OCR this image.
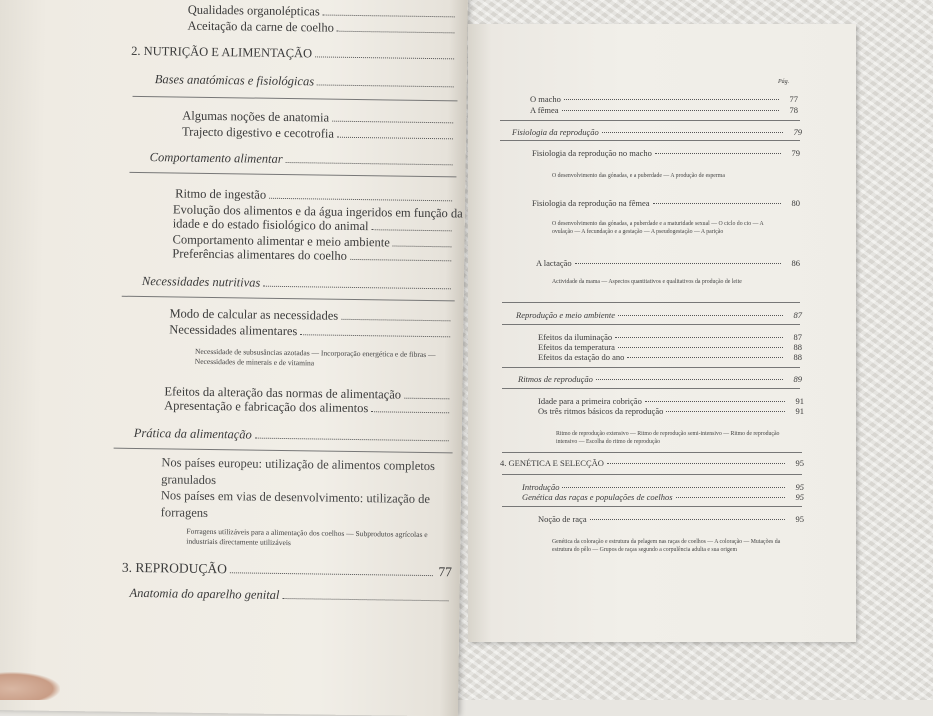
Qualidades organolépticas
Aceitação da carne de coelho
2. NUTRIÇÃO E ALIMENTAÇÃO
Bases anatómicas e fisiológicas
Algumas noções de anatomia
Trajecto digestivo e cecotrofia
Comportamento alimentar
Ritmo de ingestão
Evolução dos alimentos e da água ingeridos em função da
idade e do estado fisiológico do animal
Comportamento alimentar e meio ambiente
Preferências alimentares do coelho
Necessidades nutritivas
Modo de calcular as necessidades
Necessidades alimentares
Necessidade de subsusâncias azotadas — Incorporação energética e de fibras — Necessidades de minerais e de vitamina
Efeitos da alteração das normas de alimentação
Apresentação e fabricação dos alimentos
Prática da alimentação
Nos países europeu: utilização de alimentos completos granulados
Nos países em vias de desenvolvimento: utilização de forragens
Forragens utilizáveis para a alimentação dos coelhos — Subprodutos agrícolas e industriais directamente utilizáveis
3. REPRODUÇÃO	77
Anatomia do aparelho genital
Pág.
O macho	77
A fêmea	78
Fisiologia da reprodução	79
Fisiologia da reprodução no macho	79
O desenvolvimento das gónadas, e a puberdade — A produção de esperma
Fisiologia da reprodução na fêmea	80
O desenvolvimento das gónadas, a puberdade e a maturidade sexual — O ciclo do cio — A ovulação — A fecundação e a gestação — A pseudogestação — A parição
A lactação	86
Actividade da mama — Aspectos quantitativos e qualitativos da produção de leite
Reprodução e meio ambiente	87
Efeitos da iluminação	87
Efeitos da temperatura	88
Efeitos da estação do ano	88
Ritmos de reprodução	89
Idade para a primeira cobrição	91
Os três ritmos básicos da reprodução	91
Ritmo de reprodução extensivo — Ritmo de reprodução semi-intensivo — Ritmo de reprodução intensivo — Escolha do ritmo de reprodução
4. GENÉTICA E SELECÇÃO	95
Introdução	95
Genética das raças e populações de coelhos	95
Noção de raça	95
Genética da coloração e estrutura da pelagem nas raças de coelhos — A coloração — Mutações da estrutura do pêlo — Grupos de raças segundo a corpulência adulta e sua origem
